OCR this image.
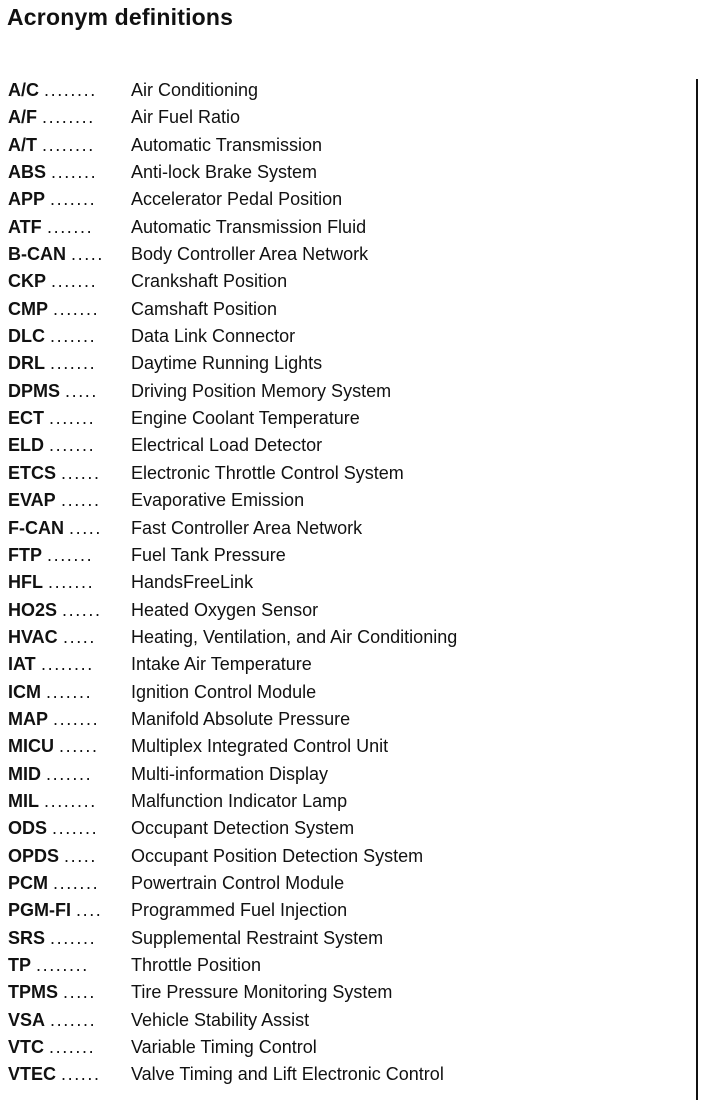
Acronym definitions
A/C ........ Air Conditioning
A/F ........ Air Fuel Ratio
A/T ........ Automatic Transmission
ABS ....... Anti-lock Brake System
APP ....... Accelerator Pedal Position
ATF ....... Automatic Transmission Fluid
B-CAN ..... Body Controller Area Network
CKP ....... Crankshaft Position
CMP ....... Camshaft Position
DLC ....... Data Link Connector
DRL ....... Daytime Running Lights
DPMS ..... Driving Position Memory System
ECT ....... Engine Coolant Temperature
ELD ....... Electrical Load Detector
ETCS ...... Electronic Throttle Control System
EVAP ...... Evaporative Emission
F-CAN ..... Fast Controller Area Network
FTP ....... Fuel Tank Pressure
HFL ....... HandsFreeLink
HO2S ...... Heated Oxygen Sensor
HVAC ..... Heating, Ventilation, and Air Conditioning
IAT ........ Intake Air Temperature
ICM ....... Ignition Control Module
MAP ....... Manifold Absolute Pressure
MICU ...... Multiplex Integrated Control Unit
MID ....... Multi-information Display
MIL ........ Malfunction Indicator Lamp
ODS ....... Occupant Detection System
OPDS ..... Occupant Position Detection System
PCM ....... Powertrain Control Module
PGM-FI .... Programmed Fuel Injection
SRS ....... Supplemental Restraint System
TP ........ Throttle Position
TPMS ..... Tire Pressure Monitoring System
VSA ....... Vehicle Stability Assist
VTC ....... Variable Timing Control
VTEC ...... Valve Timing and Lift Electronic Control
